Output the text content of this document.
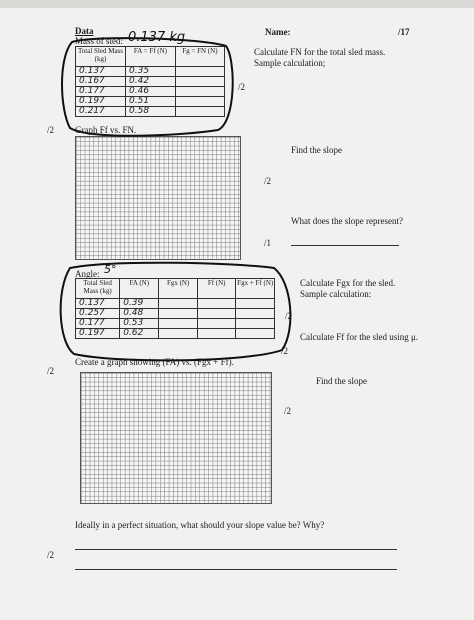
Data	Name:	/17
Mass of sled: 0.137 kg
Total Sled Mass (kg)	FA = Ff (N)	Fg = FN (N)
0.137	0.35	
0.167	0.42	
0.177	0.46	
0.197	0.51	
0.217	0.58	
Calculate FN for the total sled mass.
Sample calculation;
/2
/2 Graph Ff vs. FN.
Find the slope
/2
What does the slope represent?
/1
Angle: 5°
Total Sled Mass (kg)	FA (N)	Fgx (N)	Ff (N)	Fgx + Ff (N)
0.137	0.39			
0.257	0.48			
0.177	0.53			
0.197	0.62			
Calculate Fgx for the sled.
Sample calculation:
/2
Calculate Ff for the sled using μ.
/2
Create a graph showing (FA) vs. (Fgx + Ff).
/2
Find the slope
/2
Ideally in a perfect situation, what should your slope value be? Why?
/2
